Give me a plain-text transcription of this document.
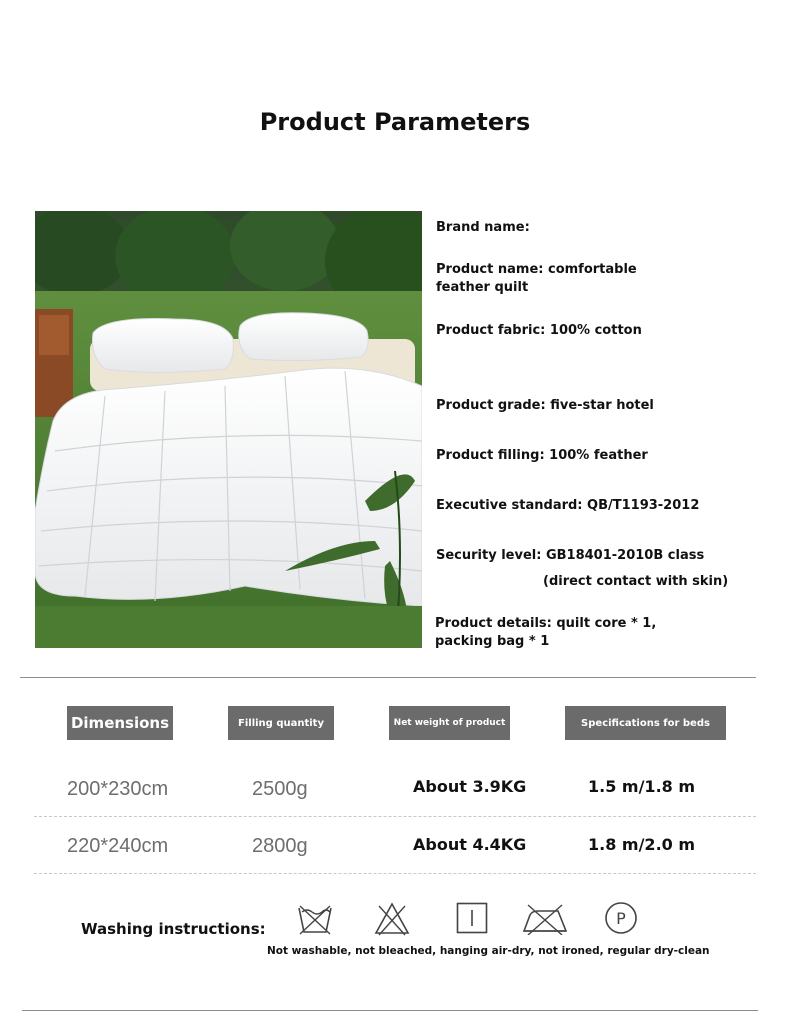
Product Parameters
Brand name:
Product name: comfortable
feather quilt
Product fabric: 100% cotton
Product grade: five-star hotel
Product filling: 100% feather
Executive standard: QB/T1193-2012
Security level: GB18401-2010B class
(direct contact with skin)
Product details: quilt core * 1,
packing bag * 1
Dimensions	Filling quantity	Net weight of product	Specifications for beds
200*230cm	2500g	About 3.9KG	1.5 m/1.8 m
220*240cm	2800g	About 4.4KG	1.8 m/2.0 m
Washing instructions:
P
Not washable, not bleached, hanging air-dry, not ironed, regular dry-clean
